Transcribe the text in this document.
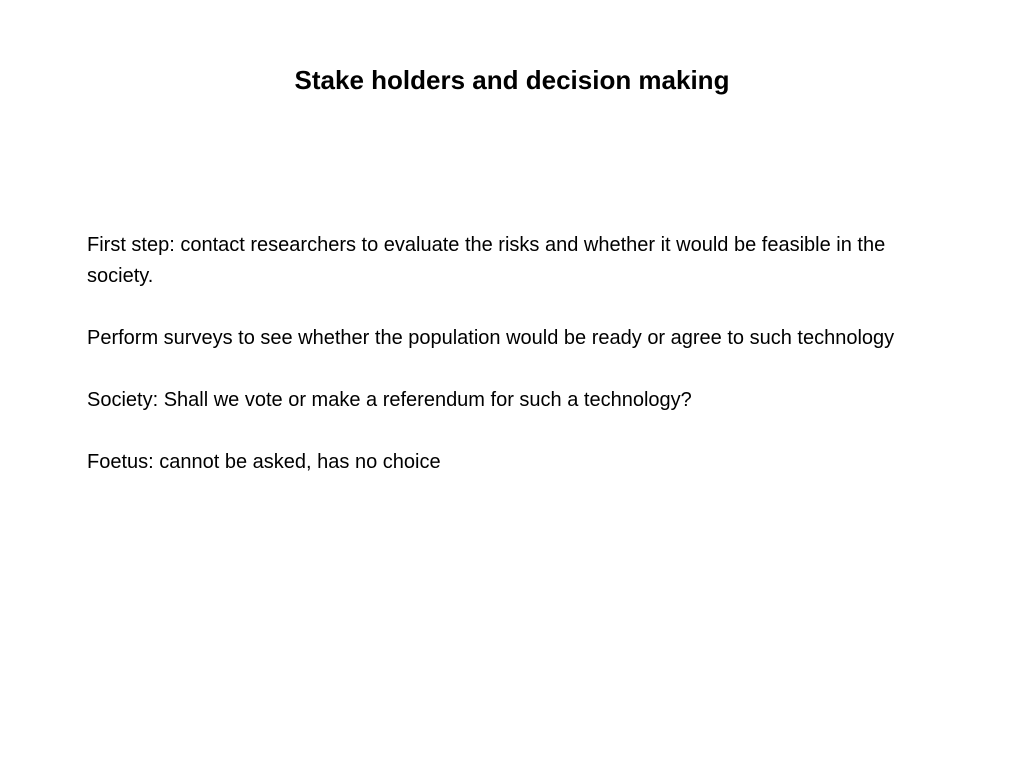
Stake holders and decision making

First step: contact researchers to evaluate the risks and whether it would be feasible in the society.

Perform surveys to see whether the population would be ready or agree to such technology

Society: Shall we vote or make a referendum for such a technology?

Foetus: cannot be asked, has no choice
